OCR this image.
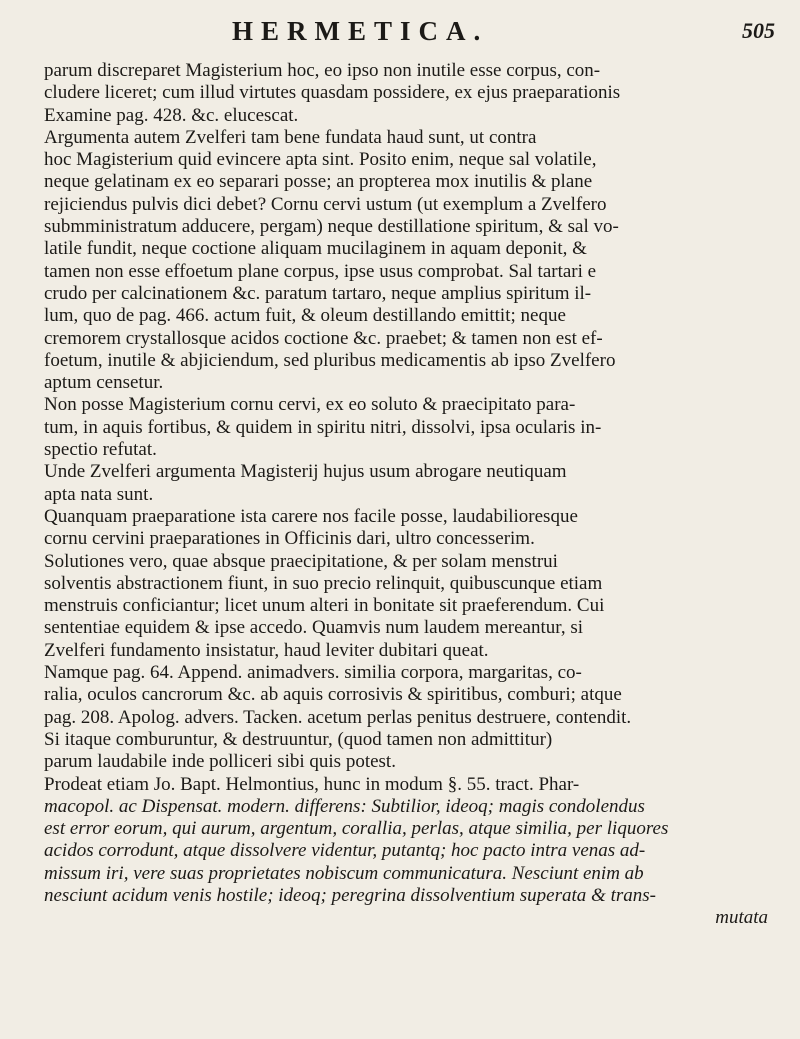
HERMETICA.	505
parum discreparet Magisterium hoc, eo ipso non inutile esse corpus, con-
cludere liceret; cum illud virtutes quasdam possidere, ex ejus praeparationis
Examine pag. 428. &c. elucescat.
Argumenta autem Zvelferi tam bene fundata haud sunt, ut contra
hoc Magisterium quid evincere apta sint. Posito enim, neque sal volatile,
neque gelatinam ex eo separari posse; an propterea mox inutilis & plane
rejiciendus pulvis dici debet? Cornu cervi ustum (ut exemplum a Zvelfero
submministratum adducere, pergam) neque destillatione spiritum, & sal vo-
latile fundit, neque coctione aliquam mucilaginem in aquam deponit, &
tamen non esse effoetum plane corpus, ipse usus comprobat. Sal tartari e
crudo per calcinationem &c. paratum tartaro, neque amplius spiritum il-
lum, quo de pag. 466. actum fuit, & oleum destillando emittit; neque
cremorem crystallosque acidos coctione &c. praebet; & tamen non est ef-
foetum, inutile & abjiciendum, sed pluribus medicamentis ab ipso Zvelfero
aptum censetur.
Non posse Magisterium cornu cervi, ex eo soluto & praecipitato para-
tum, in aquis fortibus, & quidem in spiritu nitri, dissolvi, ipsa ocularis in-
spectio refutat.
Unde Zvelferi argumenta Magisterij hujus usum abrogare neutiquam
apta nata sunt.
Quanquam praeparatione ista carere nos facile posse, laudabilioresque
cornu cervini praeparationes in Officinis dari, ultro concesserim.
Solutiones vero, quae absque praecipitatione, & per solam menstrui
solventis abstractionem fiunt, in suo precio relinquit, quibuscunque etiam
menstruis conficiantur; licet unum alteri in bonitate sit praeferendum. Cui
sententiae equidem & ipse accedo. Quamvis num laudem mereantur, si
Zvelferi fundamento insistatur, haud leviter dubitari queat.
Namque pag. 64. Append. animadvers. similia corpora, margaritas, co-
ralia, oculos cancrorum &c. ab aquis corrosivis & spiritibus, comburi; atque
pag. 208. Apolog. advers. Tacken. acetum perlas penitus destruere, contendit.
Si itaque comburuntur, & destruuntur, (quod tamen non admittitur)
parum laudabile inde polliceri sibi quis potest.
Prodeat etiam Jo. Bapt. Helmontius, hunc in modum §. 55. tract. Phar-
macopol. ac Dispensat. modern. differens: Subtilior, ideoq; magis condolendus
est error eorum, qui aurum, argentum, corallia, perlas, atque similia, per liquores
acidos corrodunt, atque dissolvere videntur, putantq; hoc pacto intra venas ad-
missum iri, vere suas proprietates nobiscum communicatura. Nesciunt enim ab
nesciunt acidum venis hostile; ideoq; peregrina dissolventium superata & trans-
mutata
